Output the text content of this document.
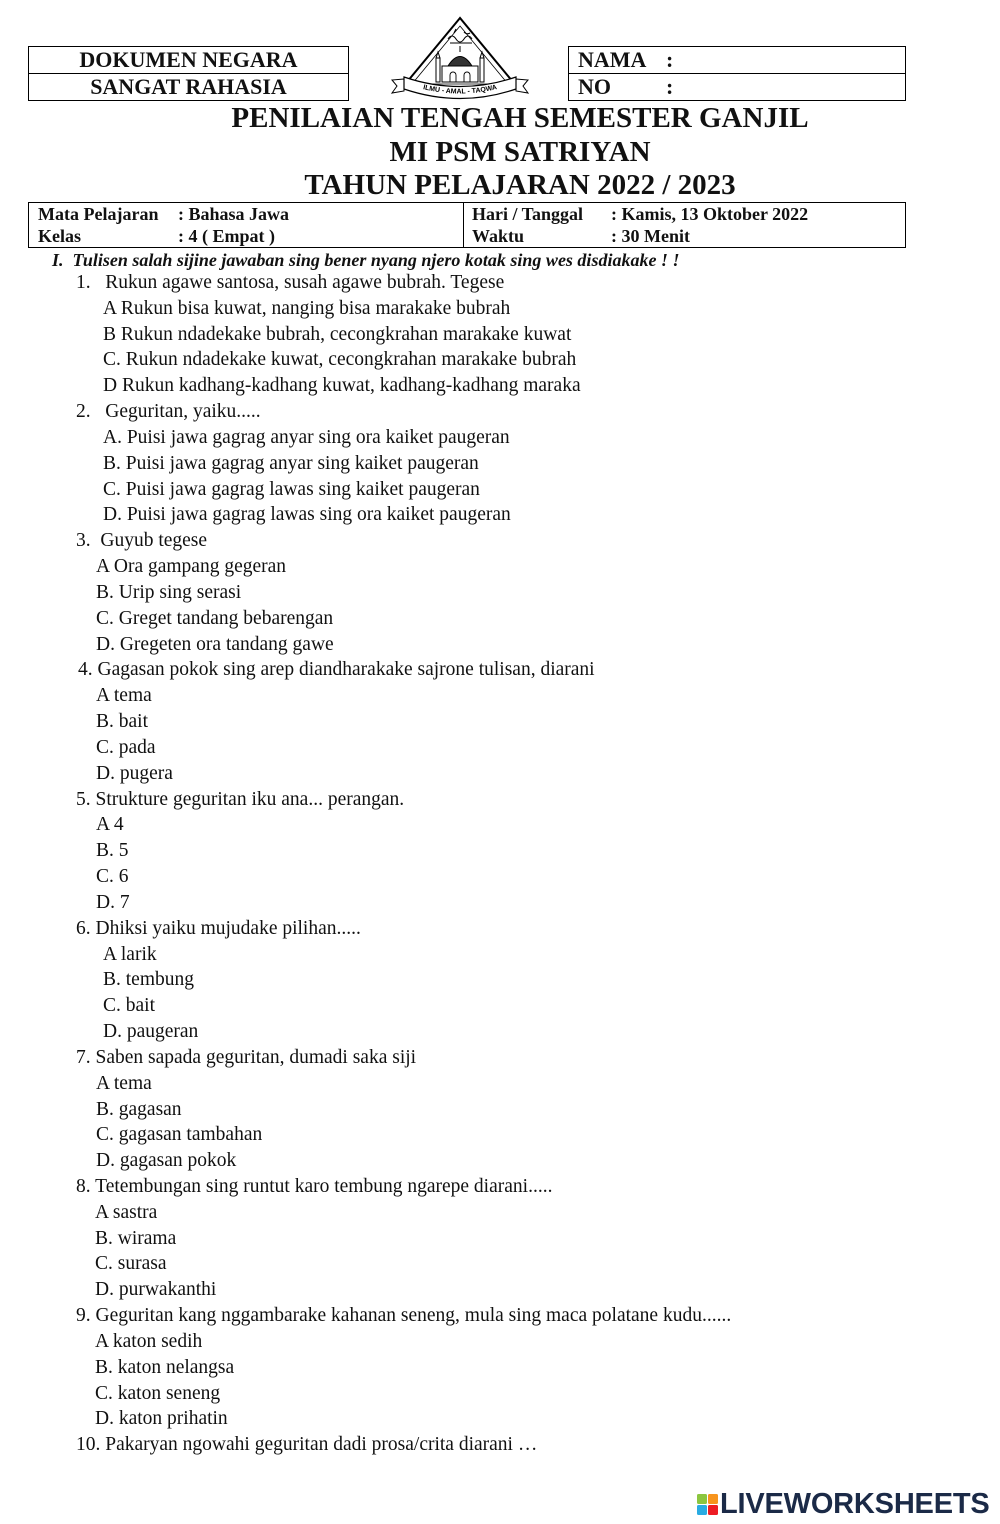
DOKUMEN NEGARA
SANGAT RAHASIA	ILMU - AMAL - TAQWA
NAMA :
NO	:
PENILAIAN TENGAH SEMESTER GANJIL
MI PSM SATRIYAN
TAHUN PELAJARAN 2022 / 2023
Mata Pelajaran : Bahasa Jawa
Kelas	: 4 ( Empat )
Hari / Tanggal : Kamis, 13 Oktober 2022
Waktu	: 30 Menit
I.  Tulisen salah sijine jawaban sing bener nyang njero kotak sing wes disdiakake ! !
1.   Rukun agawe santosa, susah agawe bubrah. Tegese
A Rukun bisa kuwat, nanging bisa marakake bubrah
B Rukun ndadekake bubrah, cecongkrahan marakake kuwat
C. Rukun ndadekake kuwat, cecongkrahan marakake bubrah
D Rukun kadhang-kadhang kuwat, kadhang-kadhang maraka
2.   Geguritan, yaiku.....
A. Puisi jawa gagrag anyar sing ora kaiket paugeran
B. Puisi jawa gagrag anyar sing kaiket paugeran
C. Puisi jawa gagrag lawas sing kaiket paugeran
D. Puisi jawa gagrag lawas sing ora kaiket paugeran
3.  Guyub tegese
A Ora gampang gegeran
B. Urip sing serasi
C. Greget tandang bebarengan
D. Gregeten ora tandang gawe
4. Gagasan pokok sing arep diandharakake sajrone tulisan, diarani
A tema
B. bait
C. pada
D. pugera
5. Strukture geguritan iku ana... perangan.
A 4
B. 5
C. 6
D. 7
6. Dhiksi yaiku mujudake pilihan.....
A larik
B. tembung
C. bait
D. paugeran
7. Saben sapada geguritan, dumadi saka siji
A tema
B. gagasan
C. gagasan tambahan
D. gagasan pokok
8. Tetembungan sing runtut karo tembung ngarepe diarani.....
A sastra
B. wirama
C. surasa
D. purwakanthi
9. Geguritan kang nggambarake kahanan seneng, mula sing maca polatane kudu......
A katon sedih
B. katon nelangsa
C. katon seneng
D. katon prihatin
10. Pakaryan ngowahi geguritan dadi prosa/crita diarani …
LIVEWORKSHEETS
